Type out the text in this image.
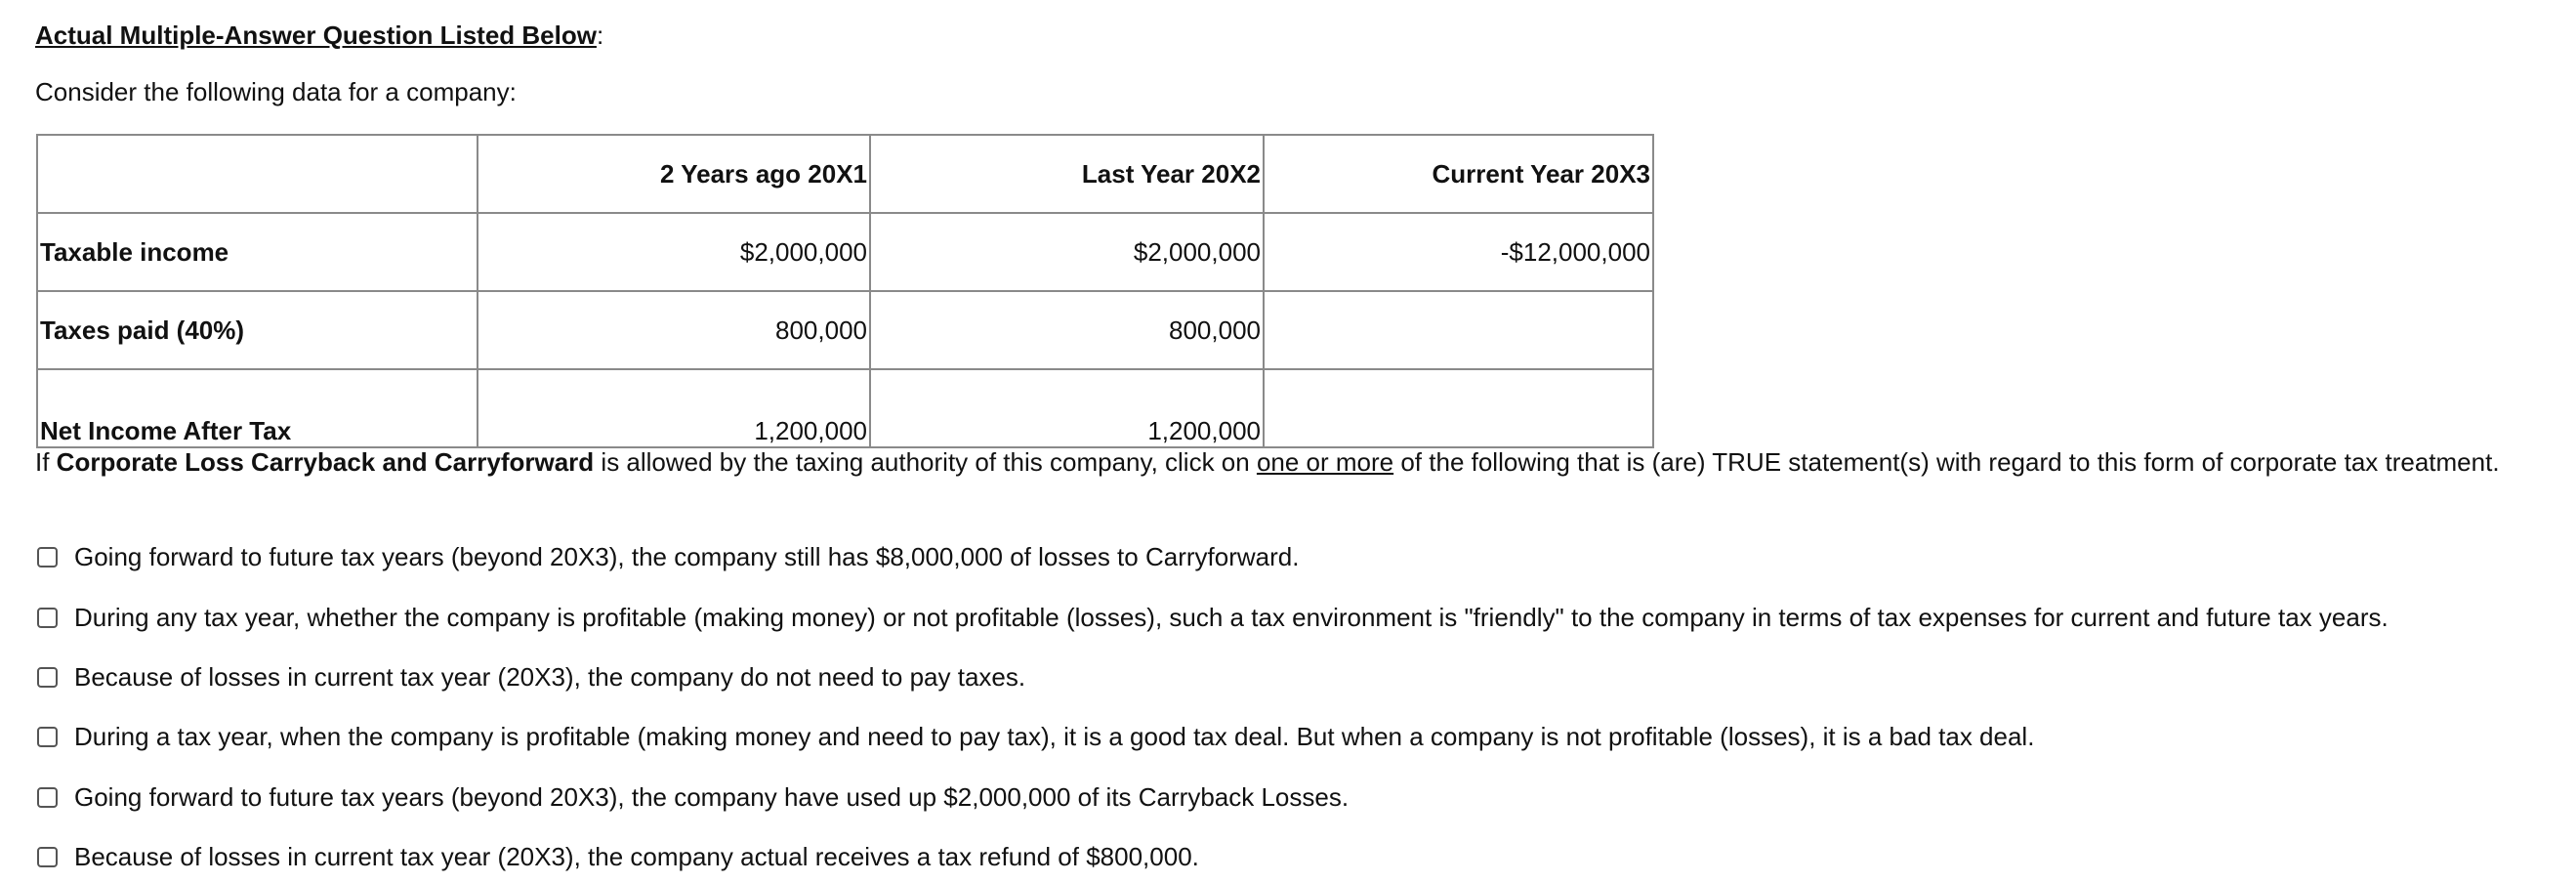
Actual Multiple-Answer Question Listed Below:

Consider the following data for a company:

	2 Years ago 20X1	Last Year 20X2	Current Year 20X3
Taxable income	$2,000,000	$2,000,000	-$12,000,000
Taxes paid (40%)	800,000	800,000	
Net Income After Tax	1,200,000	1,200,000	

If Corporate Loss Carryback and Carryforward is allowed by the taxing authority of this company, click on one or more of the following that is (are) TRUE statement(s) with regard to this form of corporate tax treatment.

Going forward to future tax years (beyond 20X3), the company still has $8,000,000 of losses to Carryforward.
During any tax year, whether the company is profitable (making money) or not profitable (losses), such a tax environment is "friendly" to the company in terms of tax expenses for current and future tax years.
Because of losses in current tax year (20X3), the company do not need to pay taxes.
During a tax year, when the company is profitable (making money and need to pay tax), it is a good tax deal. But when a company is not profitable (losses), it is a bad tax deal.
Going forward to future tax years (beyond 20X3), the company have used up $2,000,000 of its Carryback Losses.
Because of losses in current tax year (20X3), the company actual receives a tax refund of $800,000.
